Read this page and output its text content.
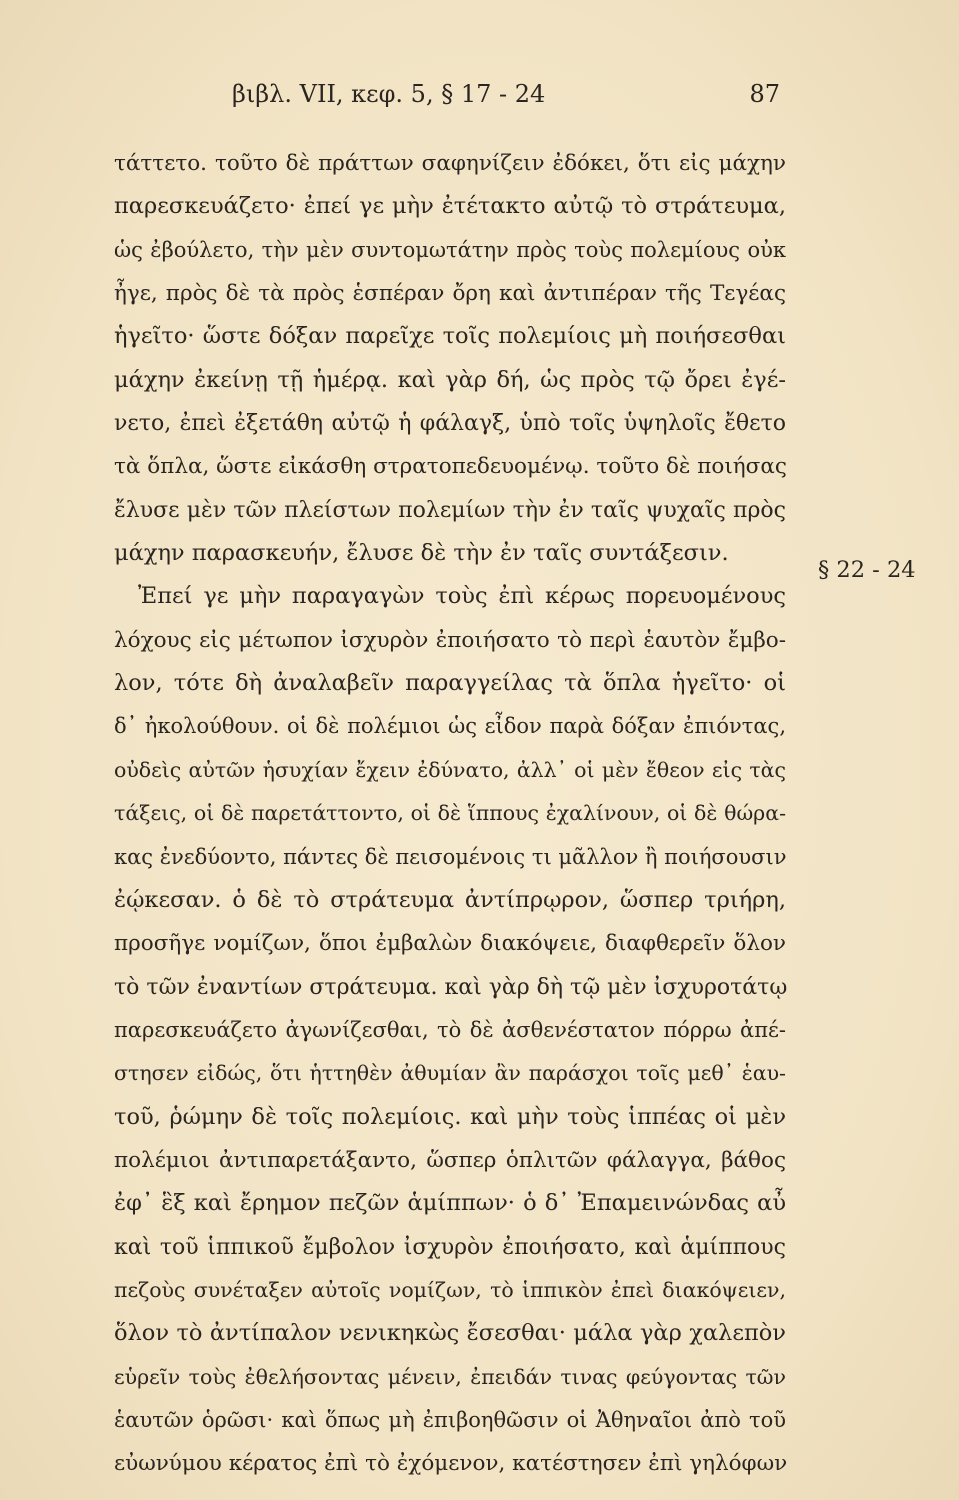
βιβλ. VII, κεφ. 5, § 17 - 24	87
τάττετο. τοῦτο δὲ πράττων σαφηνίζειν ἐδόκει, ὅτι εἰς μάχην
παρεσκευάζετο· ἐπεί γε μὴν ἐτέτακτο αὐτῷ τὸ στράτευμα,
ὡς ἐβούλετο, τὴν μὲν συντομωτάτην πρὸς τοὺς πολεμίους οὐκ
ἦγε, πρὸς δὲ τὰ πρὸς ἑσπέραν ὄρη καὶ ἀντιπέραν τῆς Τεγέας
ἡγεῖτο· ὥστε δόξαν παρεῖχε τοῖς πολεμίοις μὴ ποιήσεσθαι
μάχην ἐκείνῃ τῇ ἡμέρᾳ. καὶ γὰρ δή, ὡς πρὸς τῷ ὄρει ἐγέ-
νετο, ἐπεὶ ἐξετάθη αὐτῷ ἡ φάλαγξ, ὑπὸ τοῖς ὑψηλοῖς ἔθετο
τὰ ὅπλα, ὥστε εἰκάσθη στρατοπεδευομένῳ. τοῦτο δὲ ποιήσας
ἔλυσε μὲν τῶν πλείστων πολεμίων τὴν ἐν ταῖς ψυχαῖς πρὸς
μάχην παρασκευήν, ἔλυσε δὲ τὴν ἐν ταῖς συντάξεσιν.
Ἐπεί γε μὴν παραγαγὼν τοὺς ἐπὶ κέρως πορευομένους
λόχους εἰς μέτωπον ἰσχυρὸν ἐποιήσατο τὸ περὶ ἑαυτὸν ἔμβο-
λον, τότε δὴ ἀναλαβεῖν παραγγείλας τὰ ὅπλα ἡγεῖτο· οἱ
δ᾽ ἠκολούθουν. οἱ δὲ πολέμιοι ὡς εἶδον παρὰ δόξαν ἐπιόντας,
οὐδεὶς αὐτῶν ἡσυχίαν ἔχειν ἐδύνατο, ἀλλ᾽ οἱ μὲν ἔθεον εἰς τὰς
τάξεις, οἱ δὲ παρετάττοντο, οἱ δὲ ἵππους ἐχαλίνουν, οἱ δὲ θώρα-
κας ἐνεδύοντο, πάντες δὲ πεισομένοις τι μᾶλλον ἢ ποιήσουσιν
ἐῴκεσαν. ὁ δὲ τὸ στράτευμα ἀντίπρῳρον, ὥσπερ τριήρη,
προσῆγε νομίζων, ὅποι ἐμβαλὼν διακόψειε, διαφθερεῖν ὅλον
τὸ τῶν ἐναντίων στράτευμα. καὶ γὰρ δὴ τῷ μὲν ἰσχυροτάτῳ
παρεσκευάζετο ἀγωνίζεσθαι, τὸ δὲ ἀσθενέστατον πόρρω ἀπέ-
στησεν εἰδώς, ὅτι ἡττηθὲν ἀθυμίαν ἂν παράσχοι τοῖς μεθ᾽ ἑαυ-
τοῦ, ῥώμην δὲ τοῖς πολεμίοις. καὶ μὴν τοὺς ἱππέας οἱ μὲν
πολέμιοι ἀντιπαρετάξαντο, ὥσπερ ὁπλιτῶν φάλαγγα, βάθος
ἐφ᾽ ἓξ καὶ ἔρημον πεζῶν ἁμίππων· ὁ δ᾽ Ἐπαμεινώνδας αὖ
καὶ τοῦ ἱππικοῦ ἔμβολον ἰσχυρὸν ἐποιήσατο, καὶ ἁμίππους
πεζοὺς συνέταξεν αὐτοῖς νομίζων, τὸ ἱππικὸν ἐπεὶ διακόψειεν,
ὅλον τὸ ἀντίπαλον νενικηκὼς ἔσεσθαι· μάλα γὰρ χαλεπὸν
εὑρεῖν τοὺς ἐθελήσοντας μένειν, ἐπειδάν τινας φεύγοντας τῶν
ἑαυτῶν ὁρῶσι· καὶ ὅπως μὴ ἐπιβοηθῶσιν οἱ Ἀθηναῖοι ἀπὸ τοῦ
εὐωνύμου κέρατος ἐπὶ τὸ ἐχόμενον, κατέστησεν ἐπὶ γηλόφων
§ 22 - 24
